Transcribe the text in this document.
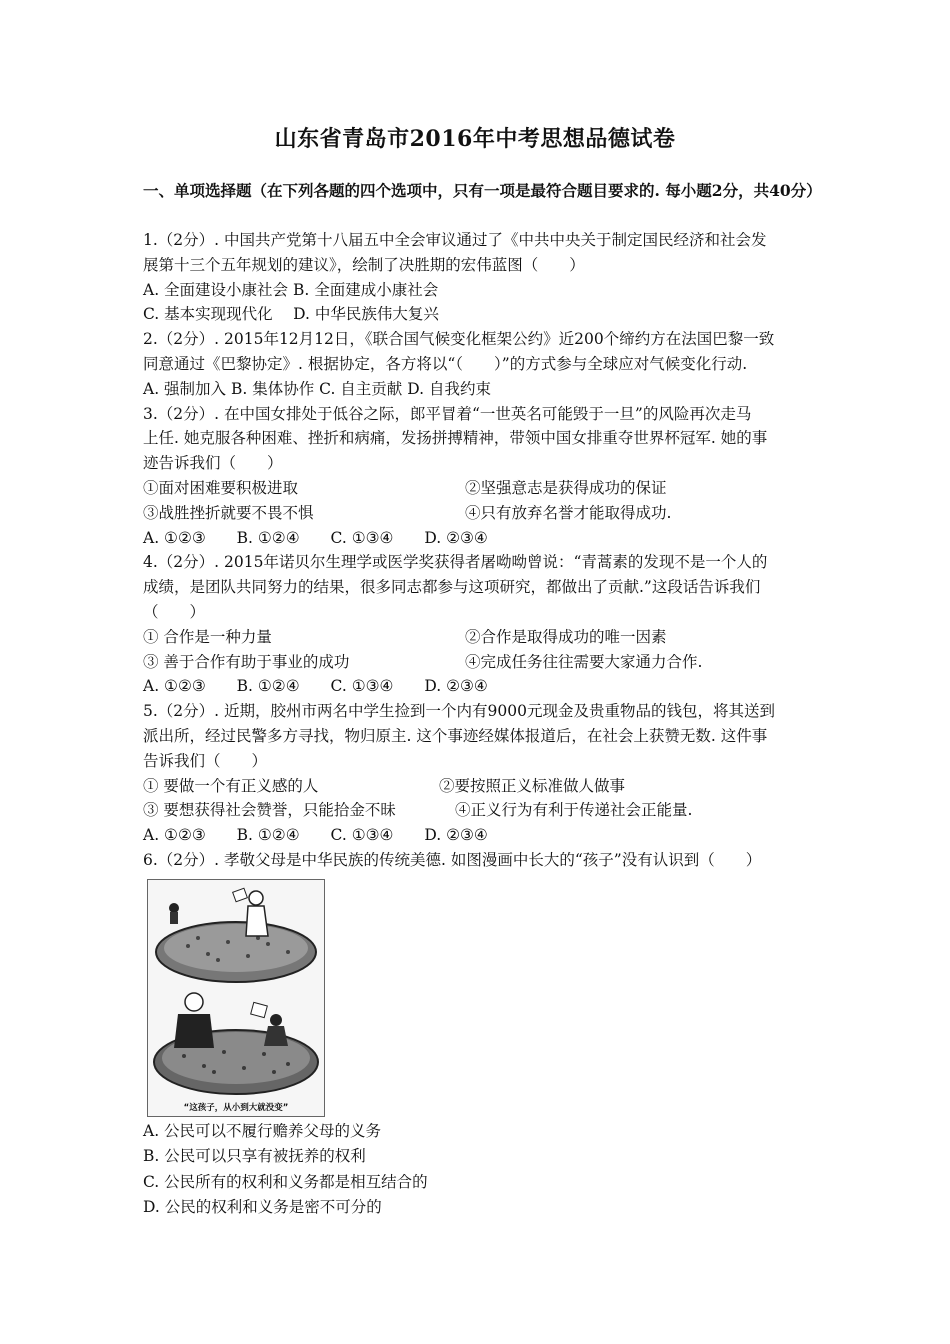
山东省青岛市2016年中考思想品德试卷
一、单项选择题（在下列各题的四个选项中，只有一项是最符合题目要求的. 每小题2分，共40分）
1.（2分）. 中国共产党第十八届五中全会审议通过了《中共中央关于制定国民经济和社会发
展第十三个五年规划的建议》，绘制了决胜期的宏伟蓝图（　　）
A. 全面建设小康社会 B. 全面建成小康社会
C. 基本实现现代化　 D. 中华民族伟大复兴
2.（2分）. 2015年12月12日，《联合国气候变化框架公约》近200个缔约方在法国巴黎一致
同意通过《巴黎协定》. 根据协定，各方将以“（　　）”的方式参与全球应对气候变化行动.
A. 强制加入 B. 集体协作 C. 自主贡献 D. 自我约束
3.（2分）. 在中国女排处于低谷之际，郎平冒着“一世英名可能毁于一旦”的风险再次走马
上任. 她克服各种困难、挫折和病痛，发扬拼搏精神，带领中国女排重夺世界杯冠军. 她的事
迹告诉我们（　　）
①面对困难要积极进取	②坚强意志是获得成功的保证
③战胜挫折就要不畏不惧	④只有放弃名誉才能取得成功.
A. ①②③ B. ①②④ C. ①③④ D. ②③④
4.（2分）. 2015年诺贝尔生理学或医学奖获得者屠呦呦曾说：“青蒿素的发现不是一个人的
成绩，是团队共同努力的结果，很多同志都参与这项研究，都做出了贡献.”这段话告诉我们
（　　）
① 合作是一种力量	②合作是取得成功的唯一因素
③ 善于合作有助于事业的成功	④完成任务往往需要大家通力合作.
A. ①②③ B. ①②④ C. ①③④ D. ②③④
5.（2分）. 近期，胶州市两名中学生捡到一个内有9000元现金及贵重物品的钱包，将其送到
派出所，经过民警多方寻找，物归原主. 这个事迹经媒体报道后，在社会上获赞无数. 这件事
告诉我们（　　）
① 要做一个有正义感的人	②要按照正义标准做人做事
③ 要想获得社会赞誉，只能拾金不昧	④正义行为有利于传递社会正能量.
A. ①②③ B. ①②④ C. ①③④ D. ②③④
6.（2分）. 孝敬父母是中华民族的传统美德. 如图漫画中长大的“孩子”没有认识到（　　）
“这孩子，从小到大就没变”
A. 公民可以不履行赡养父母的义务
B. 公民可以只享有被抚养的权利
C. 公民所有的权利和义务都是相互结合的
D. 公民的权利和义务是密不可分的
